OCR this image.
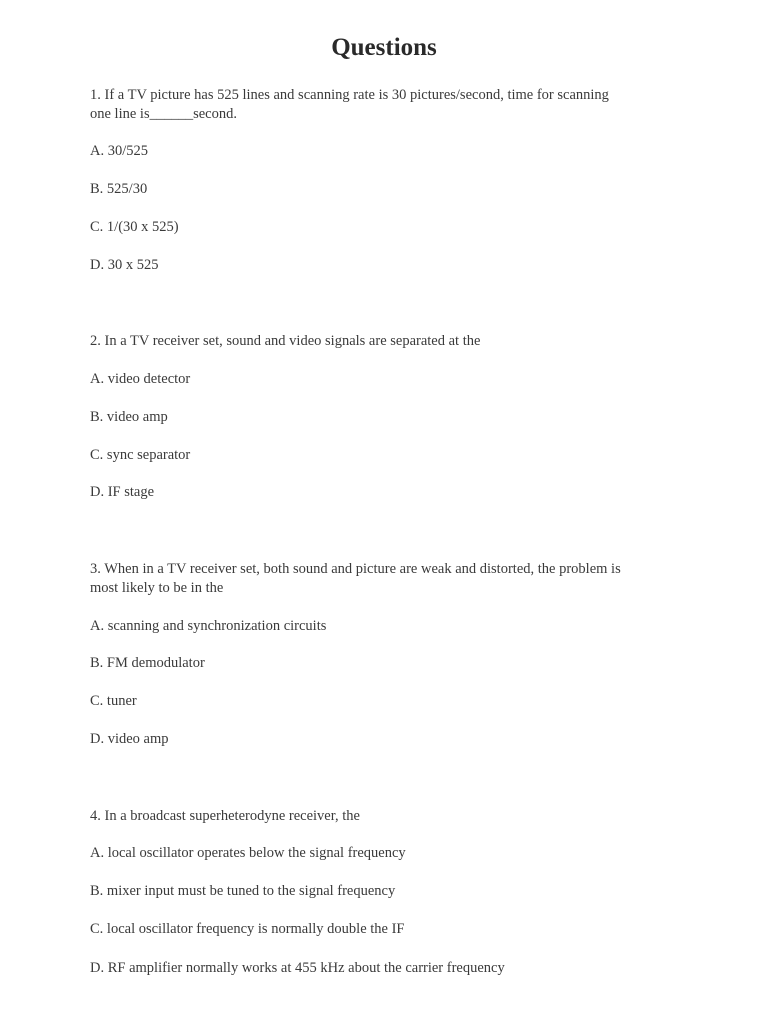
Questions
1. If a TV picture has 525 lines and scanning rate is 30 pictures/second, time for scanning
one line is______second.
A. 30/525
B. 525/30
C. 1/(30 x 525)
D. 30 x 525
2. In a TV receiver set, sound and video signals are separated at the
A. video detector
B. video amp
C. sync separator
D. IF stage
3. When in a TV receiver set, both sound and picture are weak and distorted, the problem is
most likely to be in the
A. scanning and synchronization circuits
B. FM demodulator
C. tuner
D. video amp
4. In a broadcast superheterodyne receiver, the
A. local oscillator operates below the signal frequency
B. mixer input must be tuned to the signal frequency
C. local oscillator frequency is normally double the IF
D. RF amplifier normally works at 455 kHz about the carrier frequency
